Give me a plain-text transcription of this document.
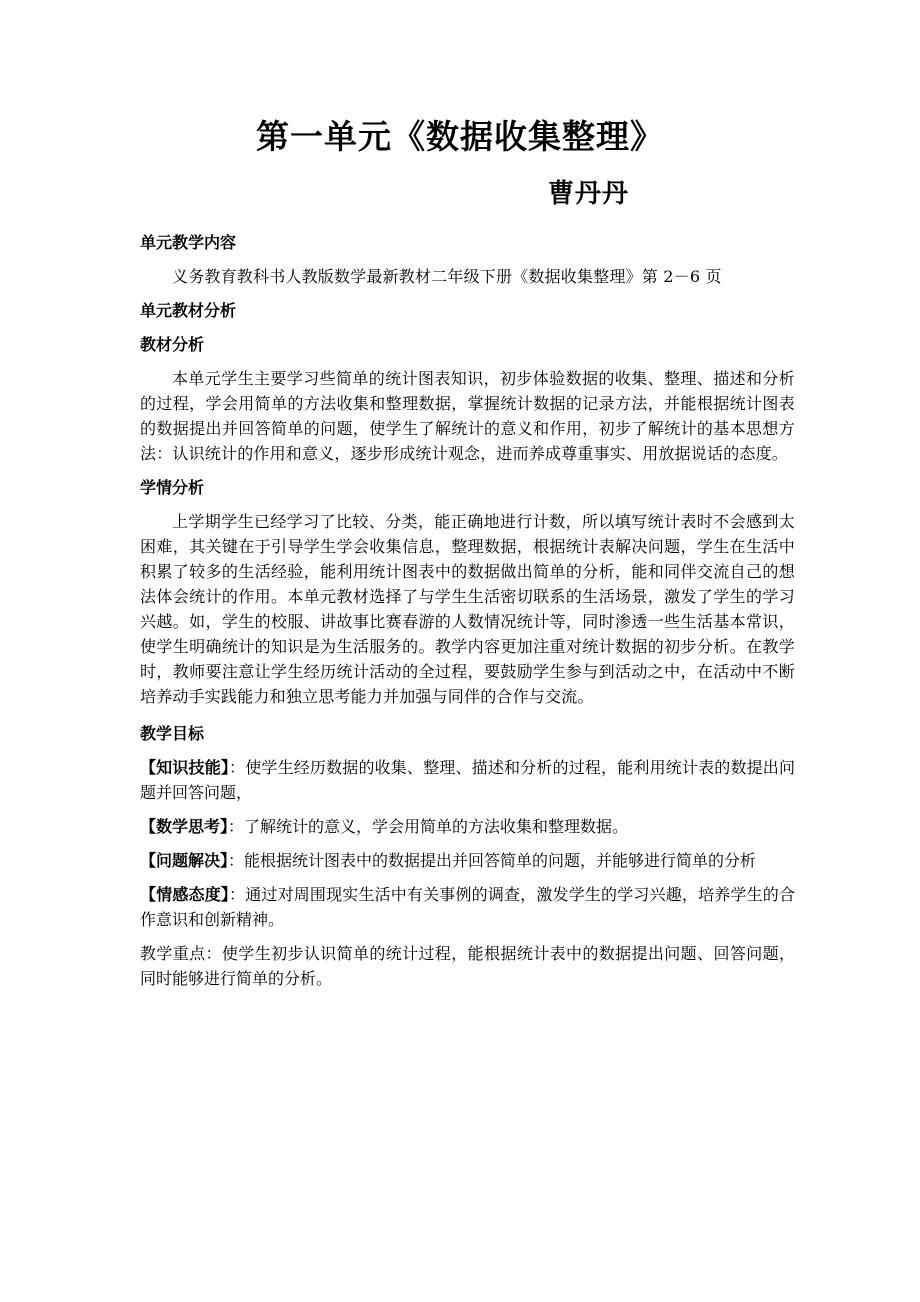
第一单元《数据收集整理》
曹丹丹

单元教学内容

义务教育教科书人教版数学最新教材二年级下册《数据收集整理》第 2－6 页

单元教材分析

教材分析

本单元学生主要学习些简单的统计图表知识，初步体验数据的收集、整理、描述和分析的过程，学会用简单的方法收集和整理数据，掌握统计数据的记录方法，并能根据统计图表的数据提出并回答简单的问题，使学生了解统计的意义和作用，初步了解统计的基本思想方法：认识统计的作用和意义，逐步形成统计观念，进而养成尊重事实、用放据说话的态度。

学情分析

上学期学生已经学习了比较、分类，能正确地进行计数，所以填写统计表时不会感到太困难，其关键在于引导学生学会收集信息，整理数据，根据统计表解决问题，学生在生活中积累了较多的生活经验，能利用统计图表中的数据做出简单的分析，能和同伴交流自己的想法体会统计的作用。本单元教材选择了与学生生活密切联系的生活场景，激发了学生的学习兴越。如，学生的校服、讲故事比赛春游的人数情况统计等，同时渗透一些生活基本常识，使学生明确统计的知识是为生活服务的。教学内容更加注重对统计数据的初步分析。在教学时，教师要注意让学生经历统计活动的全过程，要鼓励学生参与到活动之中，在活动中不断培养动手实践能力和独立思考能力并加强与同伴的合作与交流。

教学目标

【知识技能】：使学生经历数据的收集、整理、描述和分析的过程，能利用统计表的数提出问题并回答问题，

【数学思考】：了解统计的意义，学会用简单的方法收集和整理数据。

【问题解决】：能根据统计图表中的数据提出并回答简单的问题，并能够进行简单的分析

【情感态度】：通过对周围现实生活中有关事例的调查，激发学生的学习兴趣，培养学生的合作意识和创新精神。

教学重点：使学生初步认识简单的统计过程，能根据统计表中的数据提出问题、回答问题，同时能够进行简单的分析。
